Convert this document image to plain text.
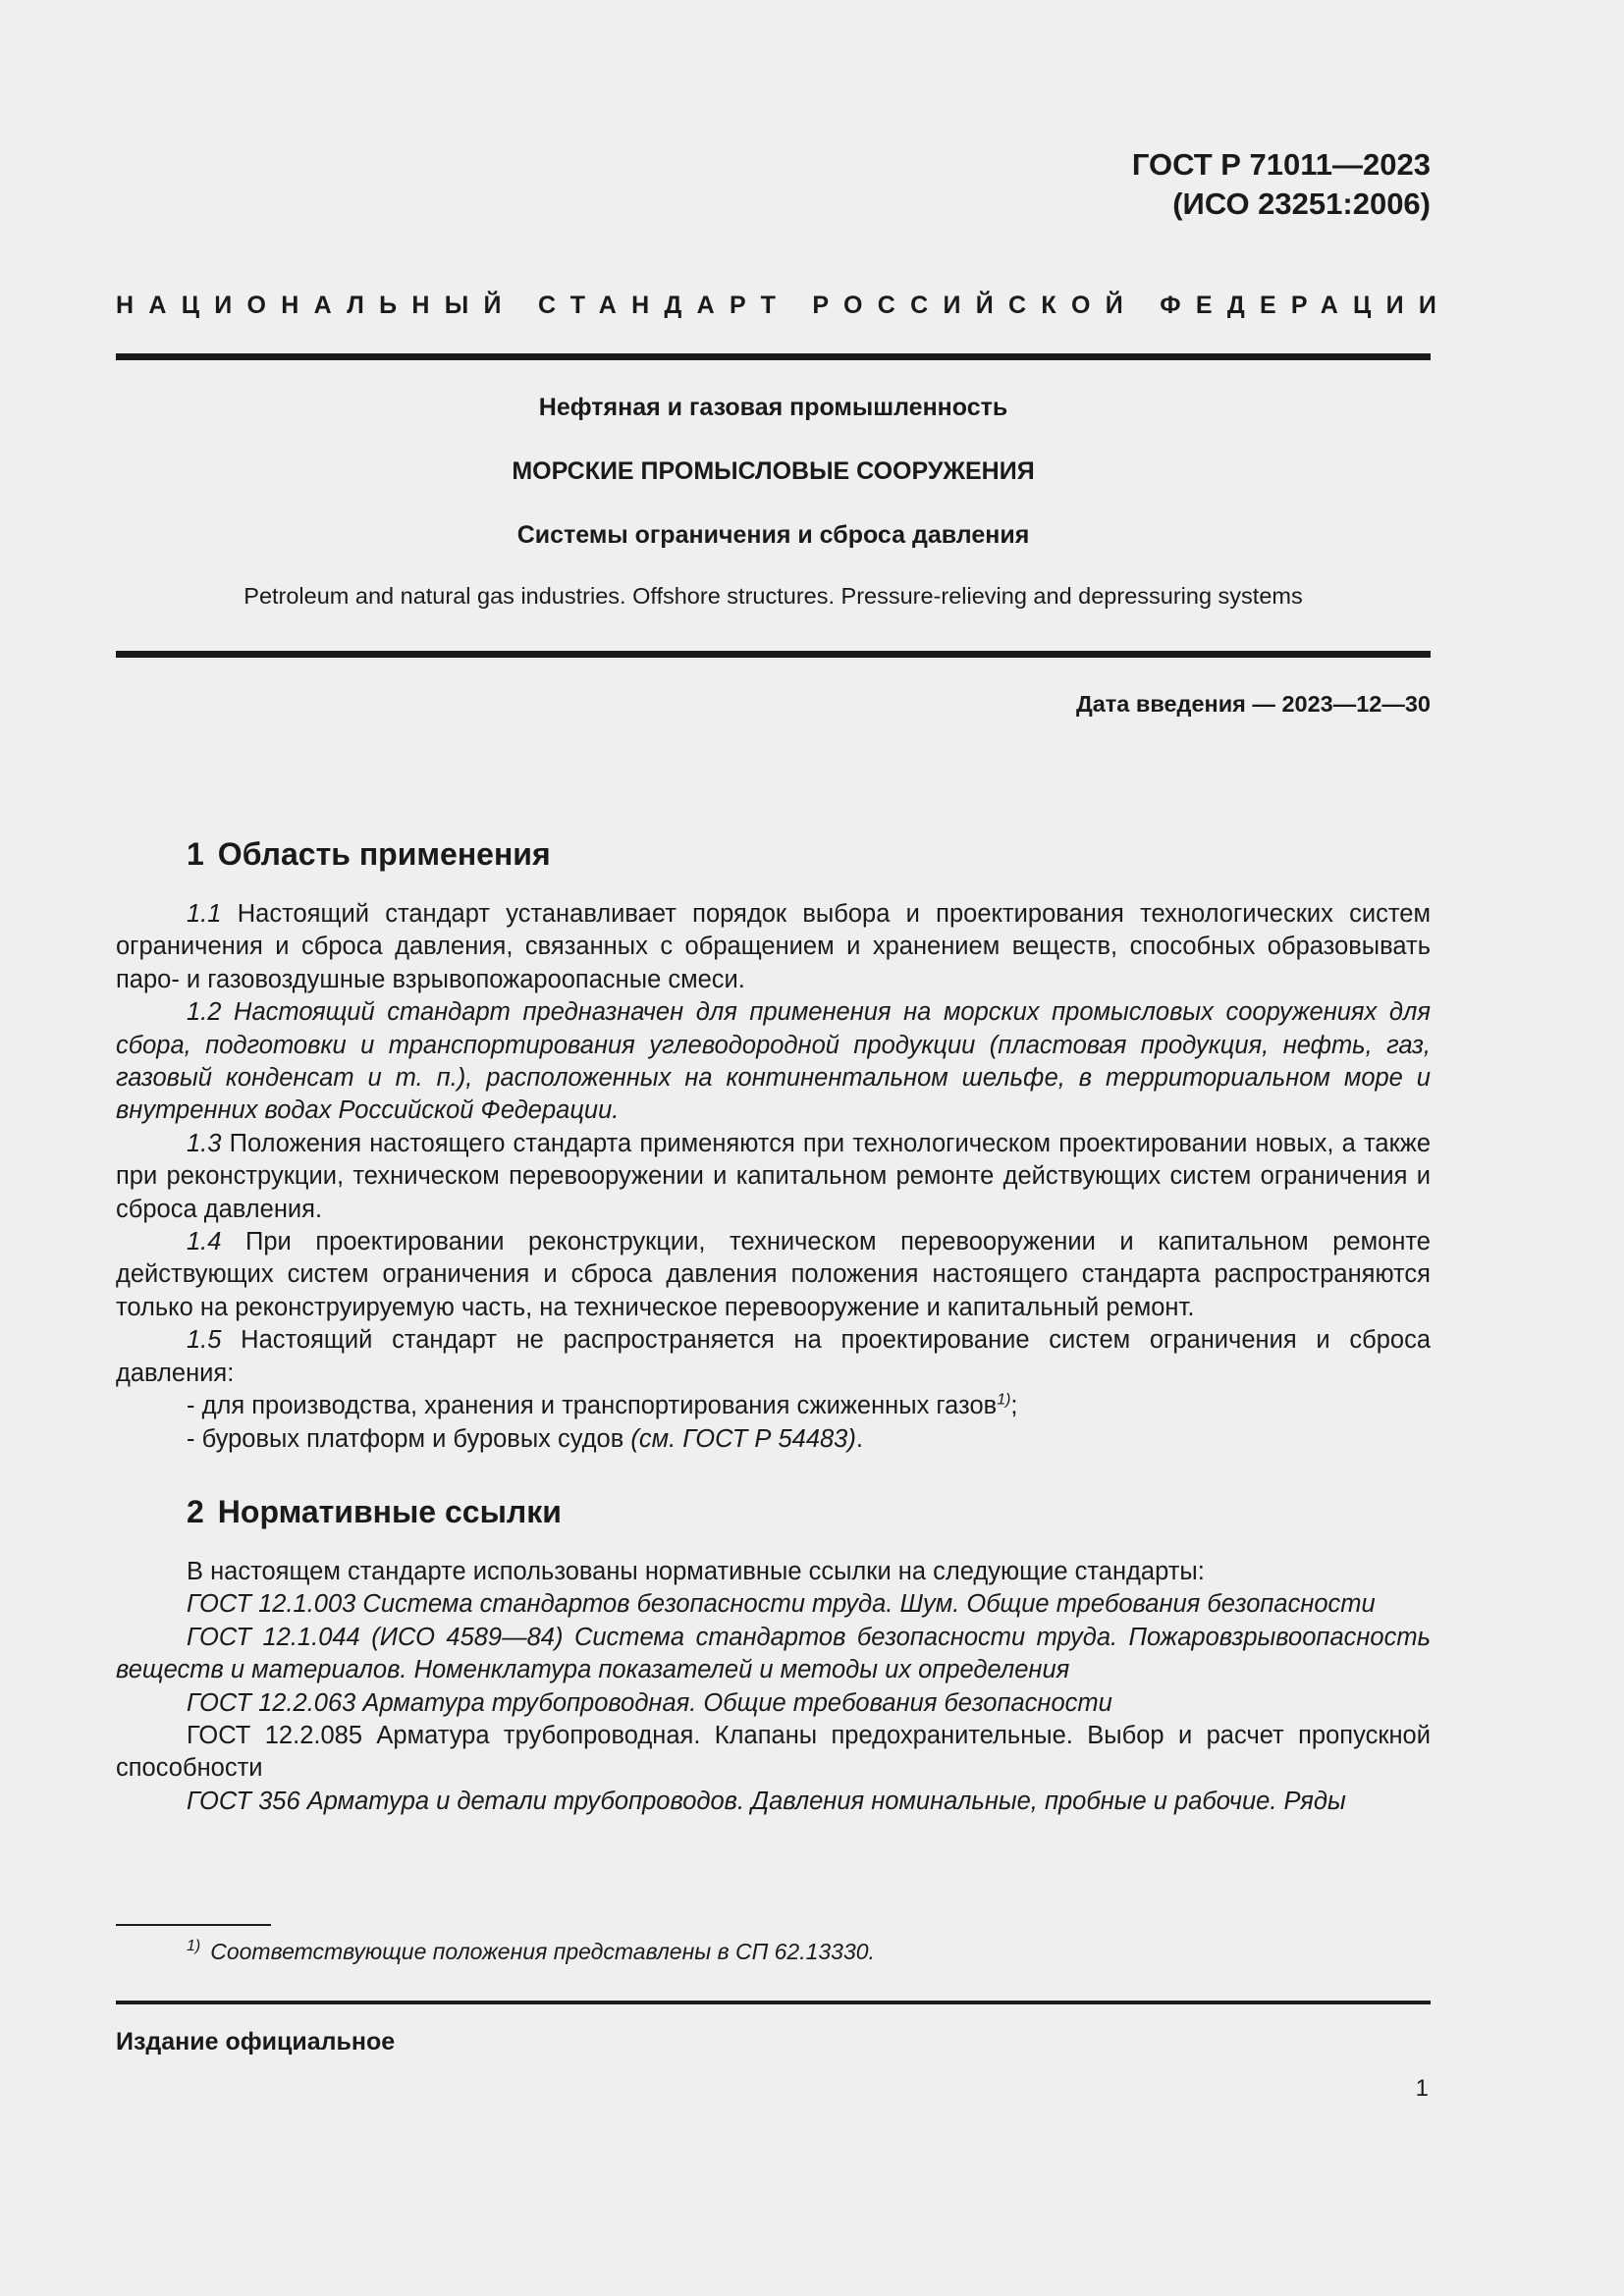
ГОСТ Р 71011—2023
(ИСО 23251:2006)
НАЦИОНАЛЬНЫЙ СТАНДАРТ РОССИЙСКОЙ ФЕДЕРАЦИИ
Нефтяная и газовая промышленность
МОРСКИЕ ПРОМЫСЛОВЫЕ СООРУЖЕНИЯ
Системы ограничения и сброса давления
Petroleum and natural gas industries. Offshore structures. Pressure-relieving and depressuring systems
Дата введения — 2023—12—30
1 Область применения

1.1 Настоящий стандарт устанавливает порядок выбора и проектирования технологических систем ограничения и сброса давления, связанных с обращением и хранением веществ, способных образовывать паро- и газовоздушные взрывопожароопасные смеси.

1.2 Настоящий стандарт предназначен для применения на морских промысловых сооружениях для сбора, подготовки и транспортирования углеводородной продукции (пластовая продукция, нефть, газ, газовый конденсат и т. п.), расположенных на континентальном шельфе, в территориальном море и внутренних водах Российской Федерации.

1.3 Положения настоящего стандарта применяются при технологическом проектировании новых, а также при реконструкции, техническом перевооружении и капитальном ремонте действующих систем ограничения и сброса давления.

1.4 При проектировании реконструкции, техническом перевооружении и капитальном ремонте действующих систем ограничения и сброса давления положения настоящего стандарта распространяются только на реконструируемую часть, на техническое перевооружение и капитальный ремонт.

1.5 Настоящий стандарт не распространяется на проектирование систем ограничения и сброса давления:

- для производства, хранения и транспортирования сжиженных газов$^{1)}$;

- буровых платформ и буровых судов (см. ГОСТ Р 54483).

2 Нормативные ссылки

В настоящем стандарте использованы нормативные ссылки на следующие стандарты:

ГОСТ 12.1.003 Система стандартов безопасности труда. Шум. Общие требования безопасности

ГОСТ 12.1.044 (ИСО 4589—84) Система стандартов безопасности труда. Пожаровзрывоопасность веществ и материалов. Номенклатура показателей и методы их определения

ГОСТ 12.2.063 Арматура трубопроводная. Общие требования безопасности

ГОСТ 12.2.085 Арматура трубопроводная. Клапаны предохранительные. Выбор и расчет пропускной способности

ГОСТ 356 Арматура и детали трубопроводов. Давления номинальные, пробные и рабочие. Ряды

$^{1)}$ Соответствующие положения представлены в СП 62.13330.
Издание официальное
1
